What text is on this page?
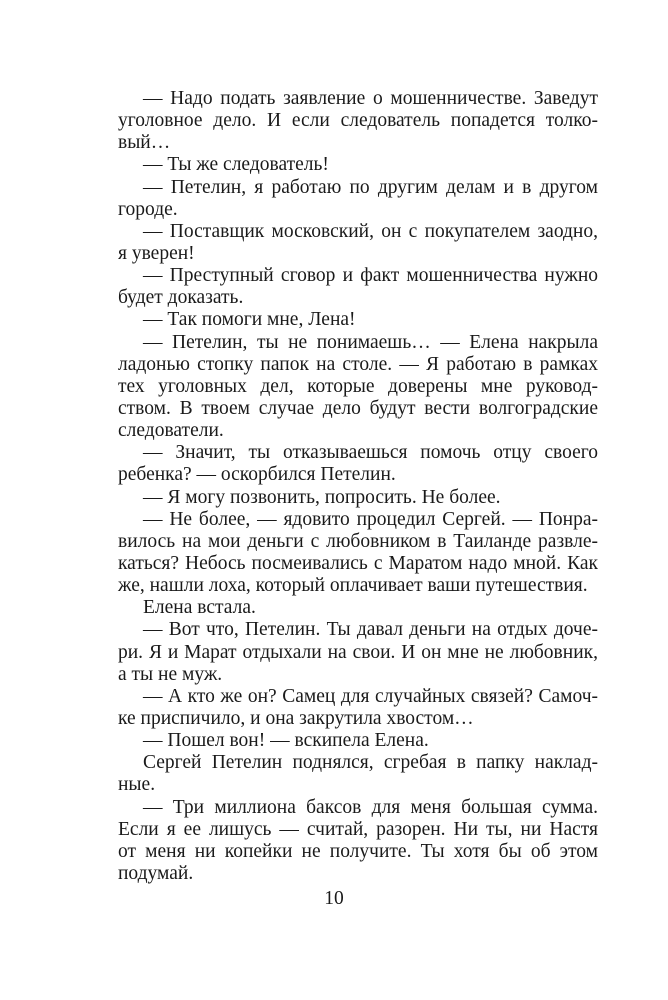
— Надо подать заявление о мошенничестве. Заведут
уголовное дело. И если следователь попадется толко-
вый…
— Ты же следователь!
— Петелин, я работаю по другим делам и в другом
городе.
— Поставщик московский, он с покупателем заодно,
я уверен!
— Преступный сговор и факт мошенничества нужно
будет доказать.
— Так помоги мне, Лена!
— Петелин, ты не понимаешь… — Елена накрыла
ладонью стопку папок на столе. — Я работаю в рамках
тех уголовных дел, которые доверены мне руковод-
ством. В твоем случае дело будут вести волгоградские
следователи.
— Значит, ты отказываешься помочь отцу своего
ребенка? — оскорбился Петелин.
— Я могу позвонить, попросить. Не более.
— Не более, — ядовито процедил Сергей. — Понра-
вилось на мои деньги с любовником в Таиланде развле-
каться? Небось посмеивались с Маратом надо мной. Как
же, нашли лоха, который оплачивает ваши путешествия.
Елена встала.
— Вот что, Петелин. Ты давал деньги на отдых доче-
ри. Я и Марат отдыхали на свои. И он мне не любовник,
а ты не муж.
— А кто же он? Самец для случайных связей? Самоч-
ке приспичило, и она закрутила хвостом…
— Пошел вон! — вскипела Елена.
Сергей Петелин поднялся, сгребая в папку наклад-
ные.
— Три миллиона баксов для меня большая сумма.
Если я ее лишусь — считай, разорен. Ни ты, ни Настя
от меня ни копейки не получите. Ты хотя бы об этом
подумай.
10
